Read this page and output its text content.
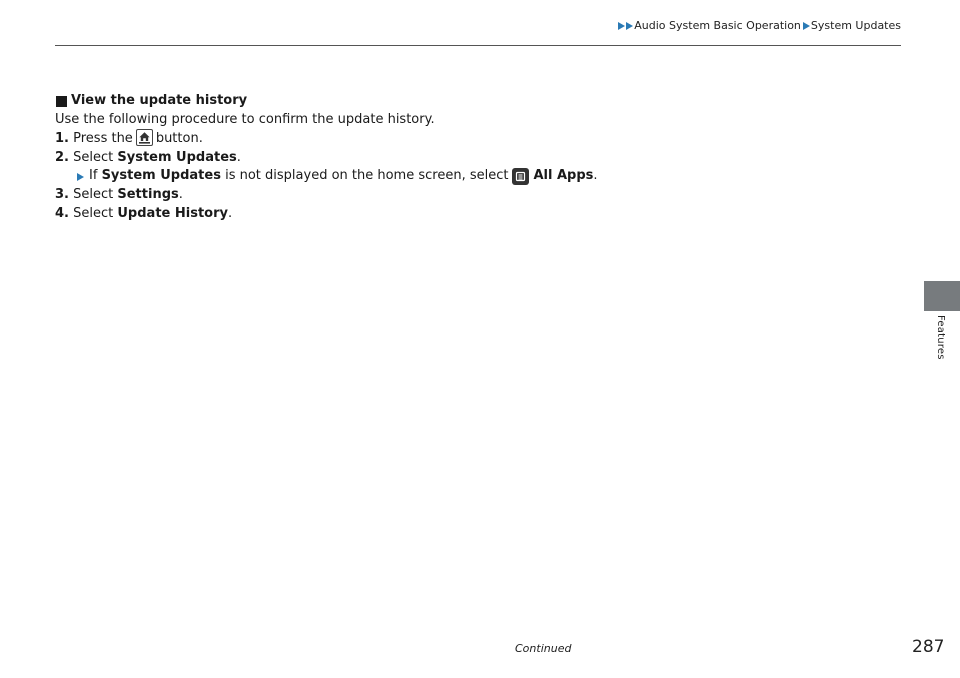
Audio System Basic Operation System Updates
Features
View the update history
Use the following procedure to confirm the update history.
1. Press the button.
2. Select System Updates.
If
System Updates
is not displayed on the home screen, select All Apps .
3. Select Settings.
4. Select Update History.
Continued	287
